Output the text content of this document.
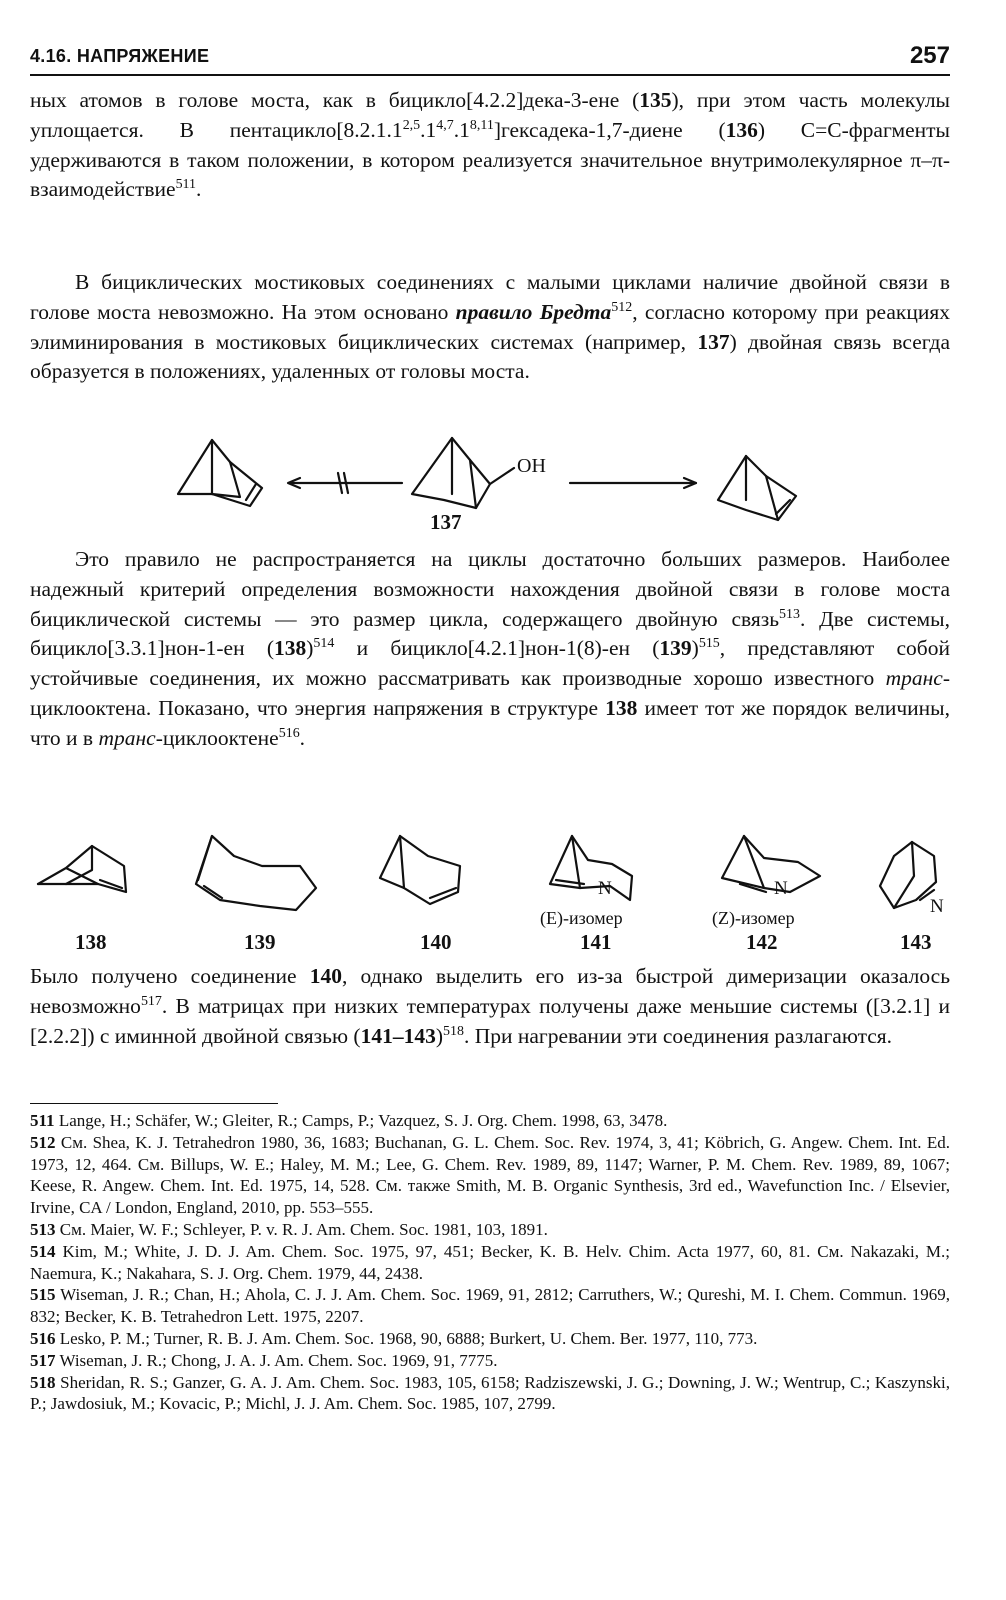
4.16. НАПРЯЖЕНИЕ	257

ных атомов в голове моста, как в бицикло[4.2.2]дека-3-ене (135), при этом часть молекулы уплощается. В пентацикло[8.2.1.1$^{2,5}$.1$^{4,7}$.1$^{8,11}$]гексадека-1,7-диене (136) С=С-фрагменты удерживаются в таком положении, в котором реализуется значительное внутримолекулярное π–π-взаимодействие$^{511}$.

В бициклических мостиковых соединениях с малыми циклами наличие двойной связи в голове моста невозможно. На этом основано правило Бредта$^{512}$, согласно которому при реакциях элиминирования в мостиковых бициклических системах (например, 137) двойная связь всегда образуется в положениях, удаленных от головы моста.

OH
137

Это правило не распространяется на циклы достаточно больших размеров. Наиболее надежный критерий определения возможности нахождения двойной связи в голове моста бициклической системы — это размер цикла, содержащего двойную связь$^{513}$. Две системы, бицикло[3.3.1]нон-1-ен $(138)^{514}$ и бицикло[4.2.1]нон-1(8)-ен $(139)^{515}$, представляют собой устойчивые соединения, их можно рассматривать как производные хорошо известного транс-циклооктена. Показано, что энергия напряжения в структуре 138 имеет тот же порядок величины, что и в транс-циклооктене$^{516}$.

N	N
N
(E)-изомер	(Z)-изомер
138	139	140	141	142	143

Было получено соединение 140, однако выделить его из-за быстрой димеризации оказалось невозможно$^{517}$. В матрицах при низких температурах получены даже меньшие системы ([3.2.1] и [2.2.2]) с иминной двойной связью $(141-143)^{518}$. При нагревании эти соединения разлагаются.

511 Lange, H.; Schäfer, W.; Gleiter, R.; Camps, P.; Vazquez, S. J. Org. Chem. 1998, 63, 3478.

512 См. Shea, K. J. Tetrahedron 1980, 36, 1683; Buchanan, G. L. Chem. Soc. Rev. 1974, 3, 41; Köbrich, G. Angew. Chem. Int. Ed. 1973, 12, 464. См. Billups, W. E.; Haley, M. M.; Lee, G. Chem. Rev. 1989, 89, 1147; Warner, P. M. Chem. Rev. 1989, 89, 1067; Keese, R. Angew. Chem. Int. Ed. 1975, 14, 528. См. также Smith, M. B. Organic Synthesis, 3rd ed., Wavefunction Inc. / Elsevier, Irvine, CA / London, England, 2010, pp. 553–555.

513 См. Maier, W. F.; Schleyer, P. v. R. J. Am. Chem. Soc. 1981, 103, 1891.

514 Kim, M.; White, J. D. J. Am. Chem. Soc. 1975, 97, 451; Becker, K. B. Helv. Chim. Acta 1977, 60, 81. См. Nakazaki, M.; Naemura, K.; Nakahara, S. J. Org. Chem. 1979, 44, 2438.

515 Wiseman, J. R.; Chan, H.; Ahola, C. J. J. Am. Chem. Soc. 1969, 91, 2812; Carruthers, W.; Qureshi, M. I. Chem. Commun. 1969, 832; Becker, K. B. Tetrahedron Lett. 1975, 2207.

516 Lesko, P. M.; Turner, R. B. J. Am. Chem. Soc. 1968, 90, 6888; Burkert, U. Chem. Ber. 1977, 110, 773.

517 Wiseman, J. R.; Chong, J. A. J. Am. Chem. Soc. 1969, 91, 7775.

518 Sheridan, R. S.; Ganzer, G. A. J. Am. Chem. Soc. 1983, 105, 6158; Radziszewski, J. G.; Downing, J. W.; Wentrup, C.; Kaszynski, P.; Jawdosiuk, M.; Kovacic, P.; Michl, J. J. Am. Chem. Soc. 1985, 107, 2799.
